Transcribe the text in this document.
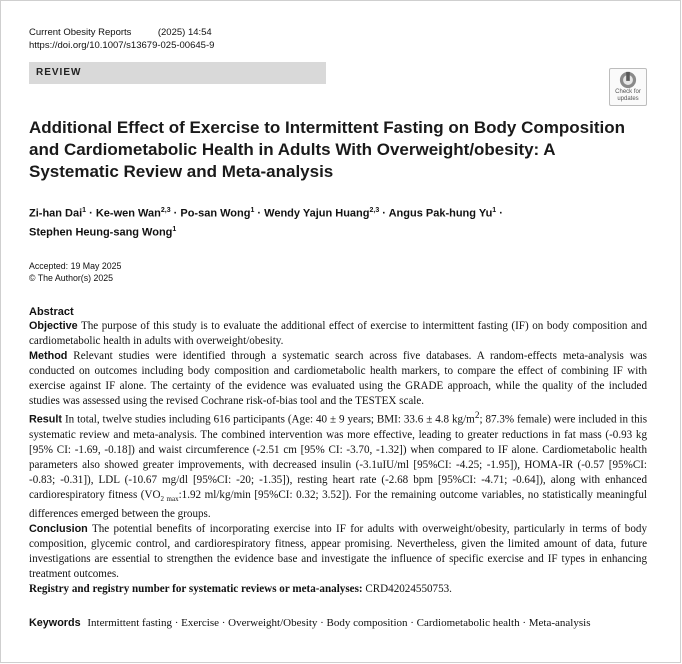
Current Obesity Reports	(2025) 14:54
https://doi.org/10.1007/s13679-025-00645-9
REVIEW
Check for
updates
Additional Effect of Exercise to Intermittent Fasting on Body Composition and Cardiometabolic Health in Adults With Overweight/obesity: A Systematic Review and Meta-analysis
Zi-han Dai$^1$ · Ke-wen Wan$^{2,3}$ · Po-san Wong$^1$ · Wendy Yajun Huang$^{2,3}$ · Angus Pak-hung $Yu^1$ ·
Stephen Heung-sang Wong$^1$
Accepted: 19 May 2025
© The Author(s) 2025
Abstract

Objective The purpose of this study is to evaluate the additional effect of exercise to intermittent fasting (IF) on body composition and cardiometabolic health in adults with overweight/obesity.

Method Relevant studies were identified through a systematic search across five databases. A random-effects meta-analysis was conducted on outcomes including body composition and cardiometabolic health markers, to compare the effect of combining IF with exercise against IF alone. The certainty of the evidence was evaluated using the GRADE approach, while the quality of the included studies was assessed using the revised Cochrane risk-of-bias tool and the TESTEX scale.

Result In total, twelve studies including 616 participants (Age: 40 ± 9 years; BMI: 33.6 ± 4.8 $kg/m^2$; 87.3% female) were included in this systematic review and meta-analysis. The combined intervention was more effective, leading to greater reductions in fat mass (-0.93 kg [95% CI: -1.69, -0.18]) and waist circumference (-2.51 cm [95% CI: -3.70, -1.32]) when compared to IF alone. Cardiometabolic health parameters also showed greater improvements, with decreased insulin (-3.1uIU/ml [95%CI: -4.25; -1.95]), HOMA-IR (-0.57 [95%CI: -0.83; -0.31]), LDL (-10.67 mg/dl [95%CI: -20; -1.35]), resting heart rate (-2.68 bpm [95%CI: -4.71; -0.64]), along with enhanced cardiorespiratory fitness ($VO_{2 max}:1.92$ ml/kg/min [95%CI: 0.32; 3.52]). For the remaining outcome variables, no statistically meaningful differences emerged between the groups.

Conclusion The potential benefits of incorporating exercise into IF for adults with overweight/obesity, particularly in terms of body composition, glycemic control, and cardiorespiratory fitness, appear promising. Nevertheless, given the limited amount of data, future investigations are essential to strengthen the evidence base and investigate the influence of specific exercise and IF types in enhancing treatment outcomes.

Registry and registry number for systematic reviews or meta-analyses: CRD42024550753.

Keywords Intermittent fasting · Exercise · Overweight/Obesity · Body composition · Cardiometabolic health · Meta-analysis
